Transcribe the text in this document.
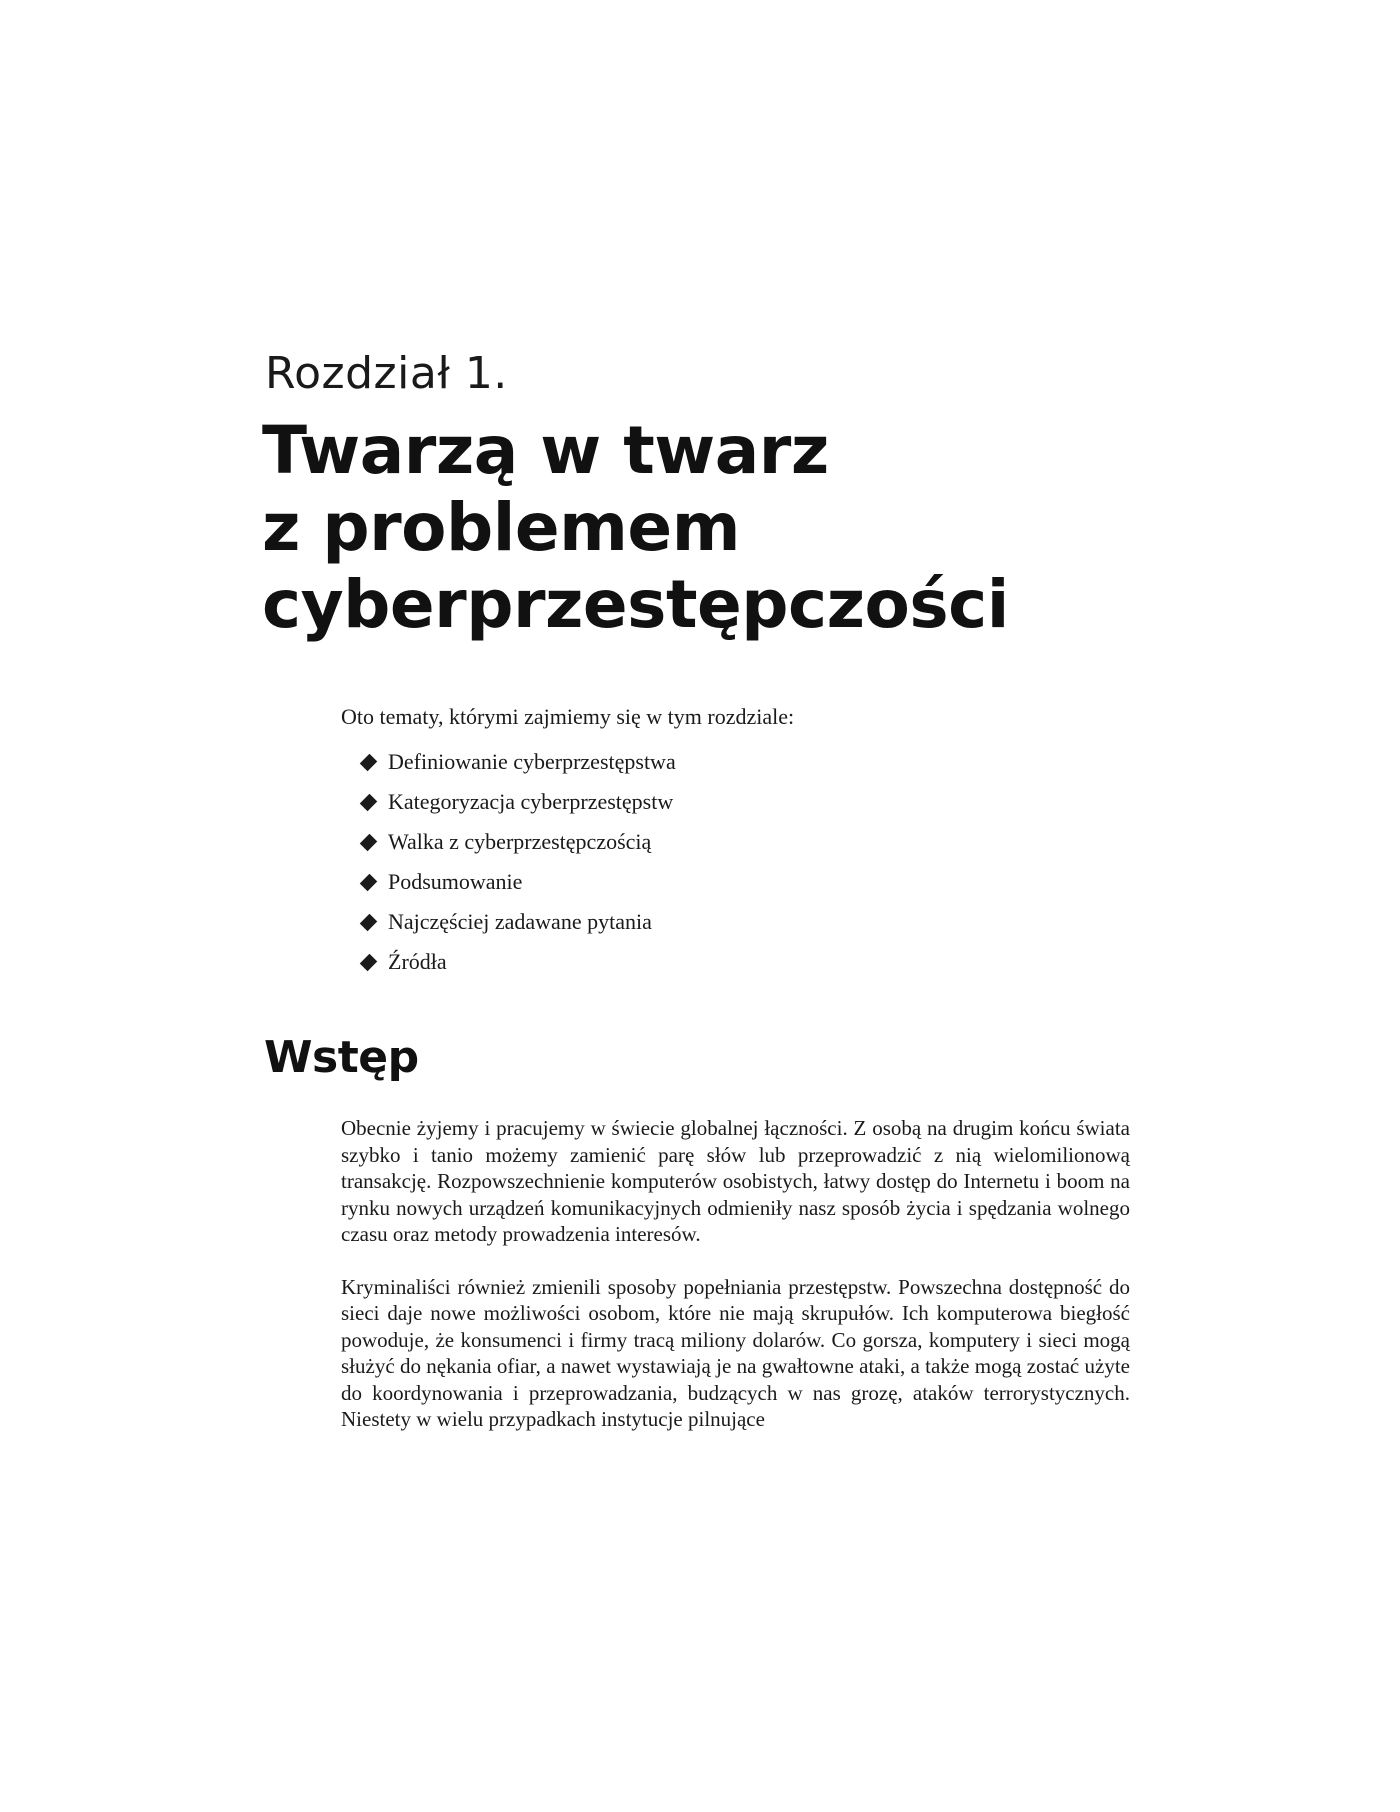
Rozdział 1.

Twarzą w twarz
z problemem
cyberprzestępczości

Oto tematy, którymi zajmiemy się w tym rozdziale:

Definiowanie cyberprzestępstwa
Kategoryzacja cyberprzestępstw
Walka z cyberprzestępczością
Podsumowanie
Najczęściej zadawane pytania
Źródła
Wstęp

Obecnie żyjemy i pracujemy w świecie globalnej łączności. Z osobą na drugim końcu świata szybko i tanio możemy zamienić parę słów lub przeprowadzić z nią wielomilionową transakcję. Rozpowszechnienie komputerów osobistych, łatwy dostęp do Internetu i boom na rynku nowych urządzeń komunikacyjnych odmieniły nasz sposób życia i spędzania wolnego czasu oraz metody prowadzenia interesów.

Kryminaliści również zmienili sposoby popełniania przestępstw. Powszechna dostępność do sieci daje nowe możliwości osobom, które nie mają skrupułów. Ich komputerowa biegłość powoduje, że konsumenci i firmy tracą miliony dolarów. Co gorsza, komputery i sieci mogą służyć do nękania ofiar, a nawet wystawiają je na gwałtowne ataki, a także mogą zostać użyte do koordynowania i przeprowadzania, budzących w nas grozę, ataków terrorystycznych. Niestety w wielu przypadkach instytucje pilnujące
